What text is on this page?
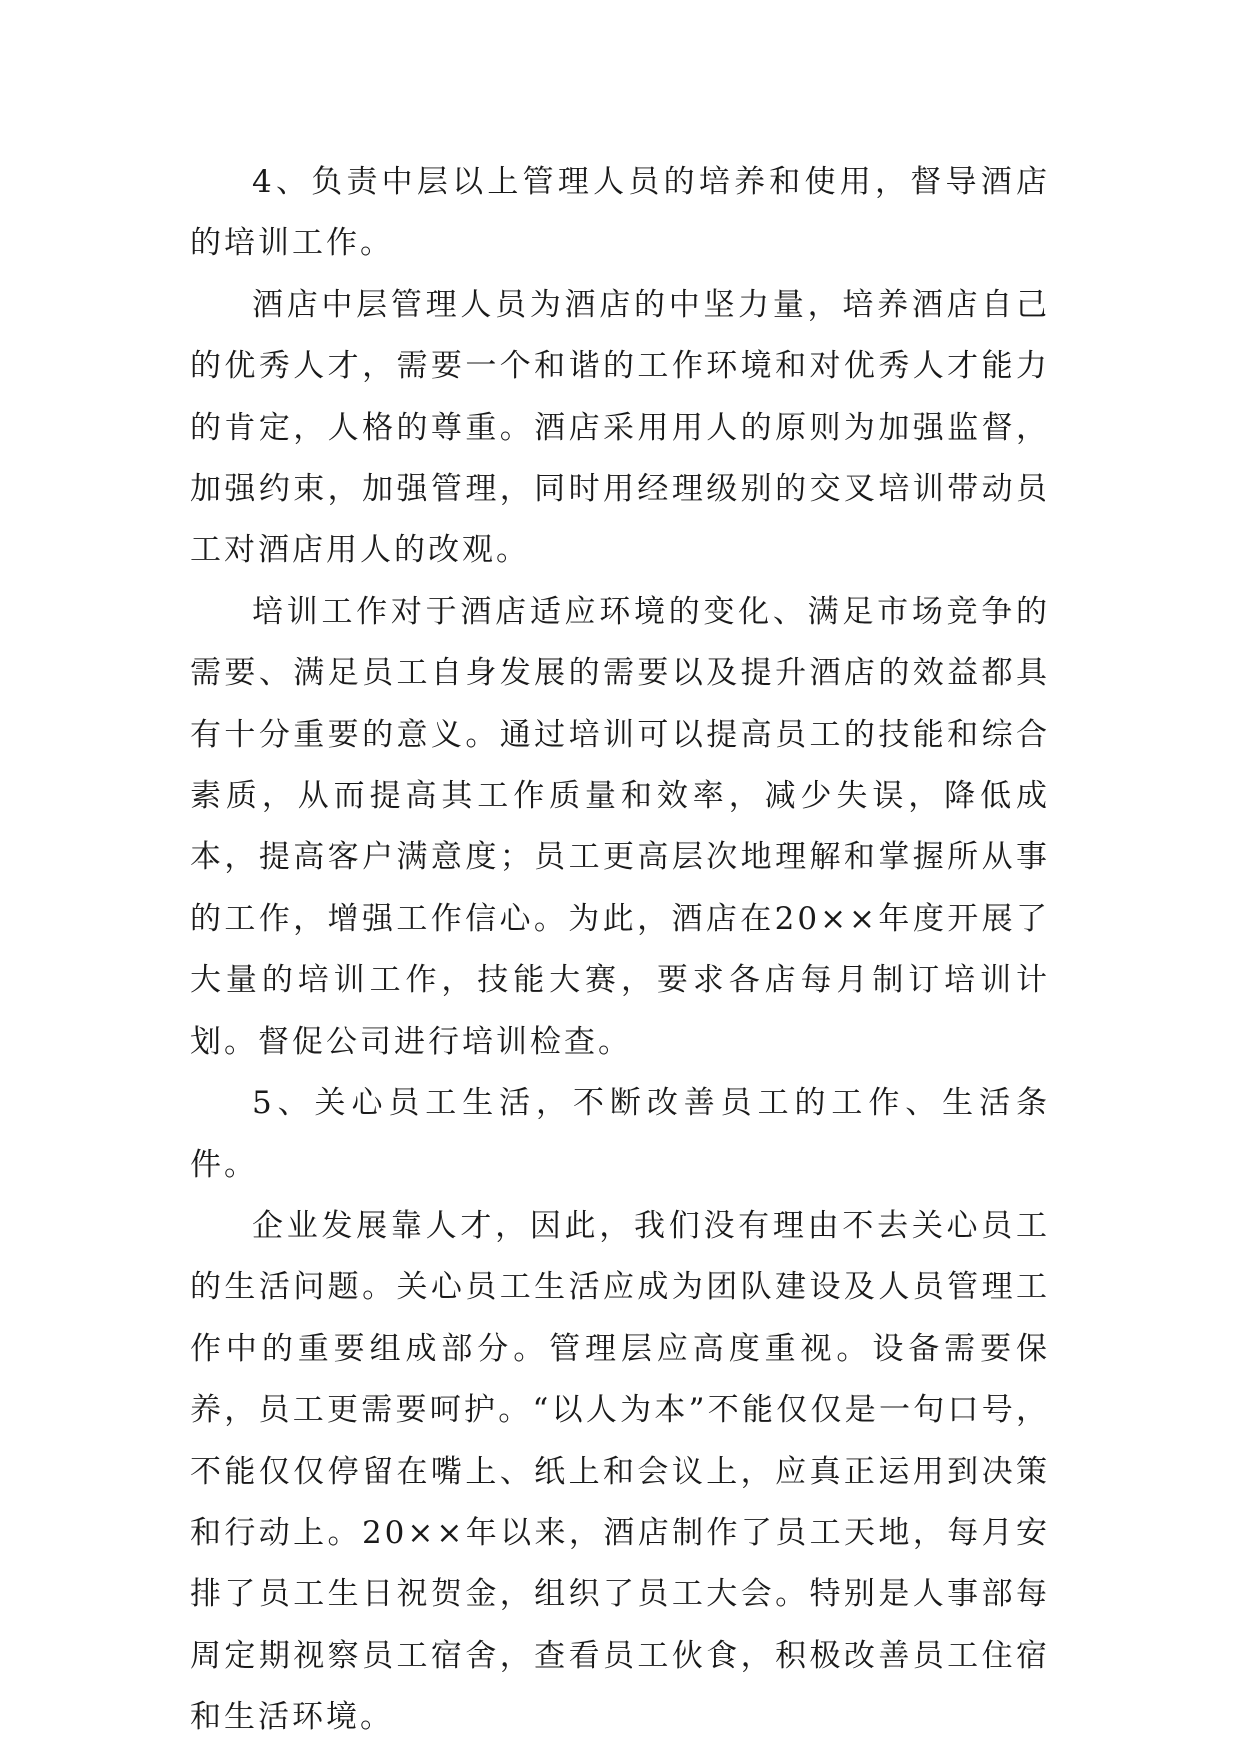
4、负责中层以上管理人员的培养和使用，督导酒店的培训工作。

酒店中层管理人员为酒店的中坚力量，培养酒店自己的优秀人才，需要一个和谐的工作环境和对优秀人才能力的肯定，人格的尊重。酒店采用用人的原则为加强监督，加强约束，加强管理，同时用经理级别的交叉培训带动员工对酒店用人的改观。

培训工作对于酒店适应环境的变化、满足市场竞争的需要、满足员工自身发展的需要以及提升酒店的效益都具有十分重要的意义。通过培训可以提高员工的技能和综合素质，从而提高其工作质量和效率，减少失误，降低成本，提高客户满意度；员工更高层次地理解和掌握所从事的工作，增强工作信心。为此，酒店在20××年度开展了大量的培训工作，技能大赛，要求各店每月制订培训计划。督促公司进行培训检查。

5、关心员工生活，不断改善员工的工作、生活条件。

企业发展靠人才，因此，我们没有理由不去关心员工的生活问题。关心员工生活应成为团队建设及人员管理工作中的重要组成部分。管理层应高度重视。设备需要保养，员工更需要呵护。“以人为本”不能仅仅是一句口号，不能仅仅停留在嘴上、纸上和会议上，应真正运用到决策和行动上。20××年以来，酒店制作了员工天地，每月安排了员工生日祝贺金，组织了员工大会。特别是人事部每周定期视察员工宿舍，查看员工伙食，积极改善员工住宿和生活环境。
